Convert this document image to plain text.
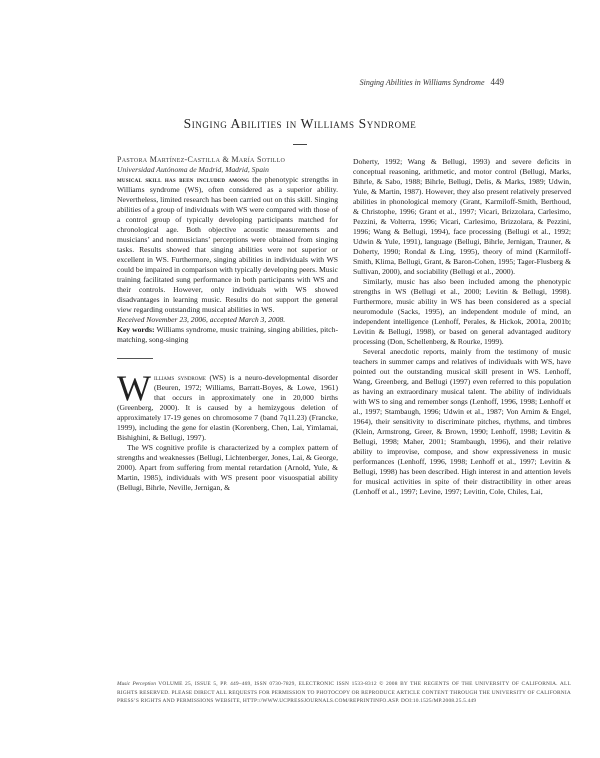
Singing Abilities in Williams Syndrome 449
Singing Abilities in Williams Syndrome

Pastora Martínez-Castilla & María Sotillo

Universidad Autónoma de Madrid, Madrid, Spain

musical skill has been included among the phenotypic strengths in Williams syndrome (WS), often considered as a superior ability. Nevertheless, limited research has been carried out on this skill. Singing abilities of a group of individuals with WS were compared with those of a control group of typically developing participants matched for chronological age. Both objective acoustic measurements and musicians’ and nonmusicians’ perceptions were obtained from singing tasks. Results showed that singing abilities were not superior or excellent in WS. Furthermore, singing abilities in individuals with WS could be impaired in comparison with typically developing peers. Music training facilitated sung performance in both participants with WS and their controls. However, only individuals with WS showed disadvantages in learning music. Results do not support the general view regarding outstanding musical abilities in WS.

Received November 23, 2006, accepted March 3, 2008.

Key words: Williams syndrome, music training, singing abilities, pitch-matching, song-singing

Williams syndrome (WS) is a neuro-developmental disorder (Beuren, 1972; Williams, Barratt-Boyes, & Lowe, 1961) that occurs in approximately one in 20,000 births (Greenberg, 2000). It is caused by a hemizygous deletion of approximately 17-19 genes on chromosome 7 (band 7q11.23) (Francke, 1999), including the gene for elastin (Korenberg, Chen, Lai, Yimlamai, Bishighini, & Bellugi, 1997).

The WS cognitive profile is characterized by a complex pattern of strengths and weaknesses (Bellugi, Lichtenberger, Jones, Lai, & George, 2000). Apart from suffering from mental retardation (Arnold, Yule, & Martin, 1985), individuals with WS present poor visuospatial ability (Bellugi, Bihrle, Neville, Jernigan, &

Doherty, 1992; Wang & Bellugi, 1993) and severe deficits in conceptual reasoning, arithmetic, and motor control (Bellugi, Marks, Bihrle, & Sabo, 1988; Bihrle, Bellugi, Delis, & Marks, 1989; Udwin, Yule, & Martin, 1987). However, they also present relatively preserved abilities in phonological memory (Grant, Karmiloff-Smith, Berthoud, & Christophe, 1996; Grant et al., 1997; Vicari, Brizzolara, Carlesimo, Pezzini, & Volterra, 1996; Vicari, Carlesimo, Brizzolara, & Pezzini, 1996; Wang & Bellugi, 1994), face processing (Bellugi et al., 1992; Udwin & Yule, 1991), language (Bellugi, Bihrle, Jernigan, Trauner, & Doherty, 1990; Rondal & Ling, 1995), theory of mind (Karmiloff-Smith, Klima, Bellugi, Grant, & Baron-Cohen, 1995; Tager-Flusberg & Sullivan, 2000), and sociability (Bellugi et al., 2000).

Similarly, music has also been included among the phenotypic strengths in WS (Bellugi et al., 2000; Levitin & Bellugi, 1998). Furthermore, music ability in WS has been considered as a special neuromodule (Sacks, 1995), an independent module of mind, an independent intelligence (Lenhoff, Perales, & Hickok, 2001a, 2001b; Levitin & Bellugi, 1998), or based on general advantaged auditory processing (Don, Schellenberg, & Rourke, 1999).

Several anecdotic reports, mainly from the testimony of music teachers in summer camps and relatives of individuals with WS, have pointed out the outstanding musical skill present in WS. Lenhoff, Wang, Greenberg, and Bellugi (1997) even referred to this population as having an extraordinary musical talent. The ability of individuals with WS to sing and remember songs (Lenhoff, 1996, 1998; Lenhoff et al., 1997; Stambaugh, 1996; Udwin et al., 1987; Von Arnim & Engel, 1964), their sensitivity to discriminate pitches, rhythms, and timbres (Klein, Armstrong, Greer, & Brown, 1990; Lenhoff, 1998; Levitin & Bellugi, 1998; Maher, 2001; Stambaugh, 1996), and their relative ability to improvise, compose, and show expressiveness in music performances (Lenhoff, 1996, 1998; Lenhoff et al., 1997; Levitin & Bellugi, 1998) has been described. High interest in and attention levels for musical activities in spite of their distractibility in other areas (Lenhoff et al., 1997; Levine, 1997; Levitin, Cole, Chiles, Lai,

Music Perception VOLUME 25, ISSUE 5, PP. 449–469, ISSN 0730-7829, ELECTRONIC ISSN 1533-8312 © 2008 BY THE REGENTS OF THE UNIVERSITY OF CALIFORNIA. ALL RIGHTS RESERVED. PLEASE DIRECT ALL REQUESTS FOR PERMISSION TO PHOTOCOPY OR REPRODUCE ARTICLE CONTENT THROUGH THE UNIVERSITY OF CALIFORNIA PRESS’S RIGHTS AND PERMISSIONS WEBSITE, HTTP://WWW.UCPRESSJOURNALS.COM/REPRINTINFO.ASP. DOI:10.1525/MP.2008.25.5.449
